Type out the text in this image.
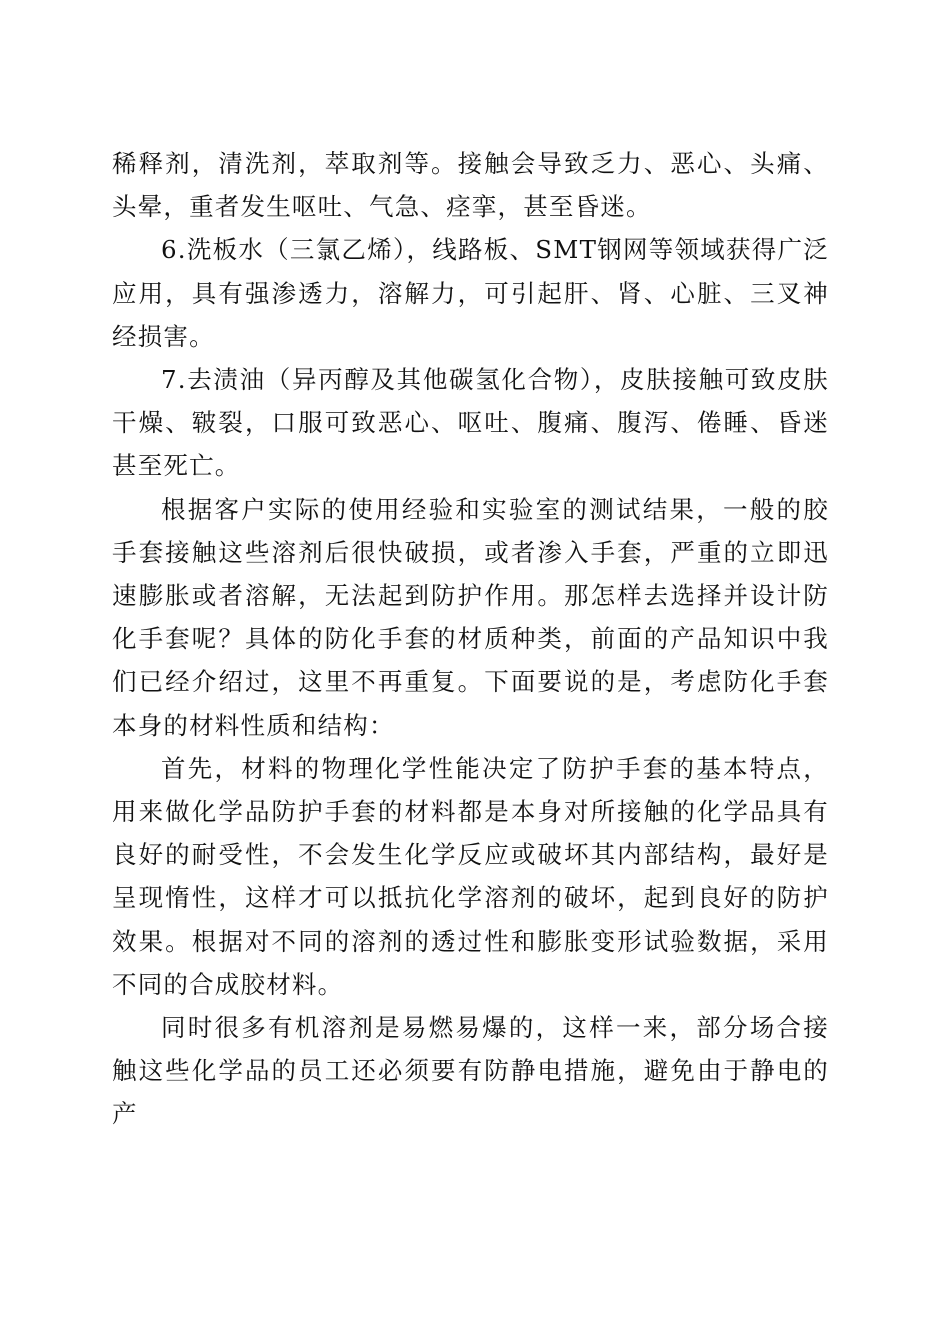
稀释剂，清洗剂，萃取剂等。接触会导致乏力、恶心、头痛、头晕，重者发生呕吐、气急、痉挛，甚至昏迷。

6.洗板水（三氯乙烯），线路板、SMT钢网等领域获得广泛应用，具有强渗透力，溶解力，可引起肝、肾、心脏、三叉神经损害。

7.去渍油（异丙醇及其他碳氢化合物），皮肤接触可致皮肤干燥、皲裂，口服可致恶心、呕吐、腹痛、腹泻、倦睡、昏迷甚至死亡。

根据客户实际的使用经验和实验室的测试结果，一般的胶手套接触这些溶剂后很快破损，或者渗入手套，严重的立即迅速膨胀或者溶解，无法起到防护作用。那怎样去选择并设计防化手套呢？具体的防化手套的材质种类，前面的产品知识中我们已经介绍过，这里不再重复。下面要说的是，考虑防化手套本身的材料性质和结构：

首先，材料的物理化学性能决定了防护手套的基本特点，用来做化学品防护手套的材料都是本身对所接触的化学品具有良好的耐受性，不会发生化学反应或破坏其内部结构，最好是呈现惰性，这样才可以抵抗化学溶剂的破坏，起到良好的防护效果。根据对不同的溶剂的透过性和膨胀变形试验数据，采用不同的合成胶材料。

同时很多有机溶剂是易燃易爆的，这样一来，部分场合接触这些化学品的员工还必须要有防静电措施，避免由于静电的产
